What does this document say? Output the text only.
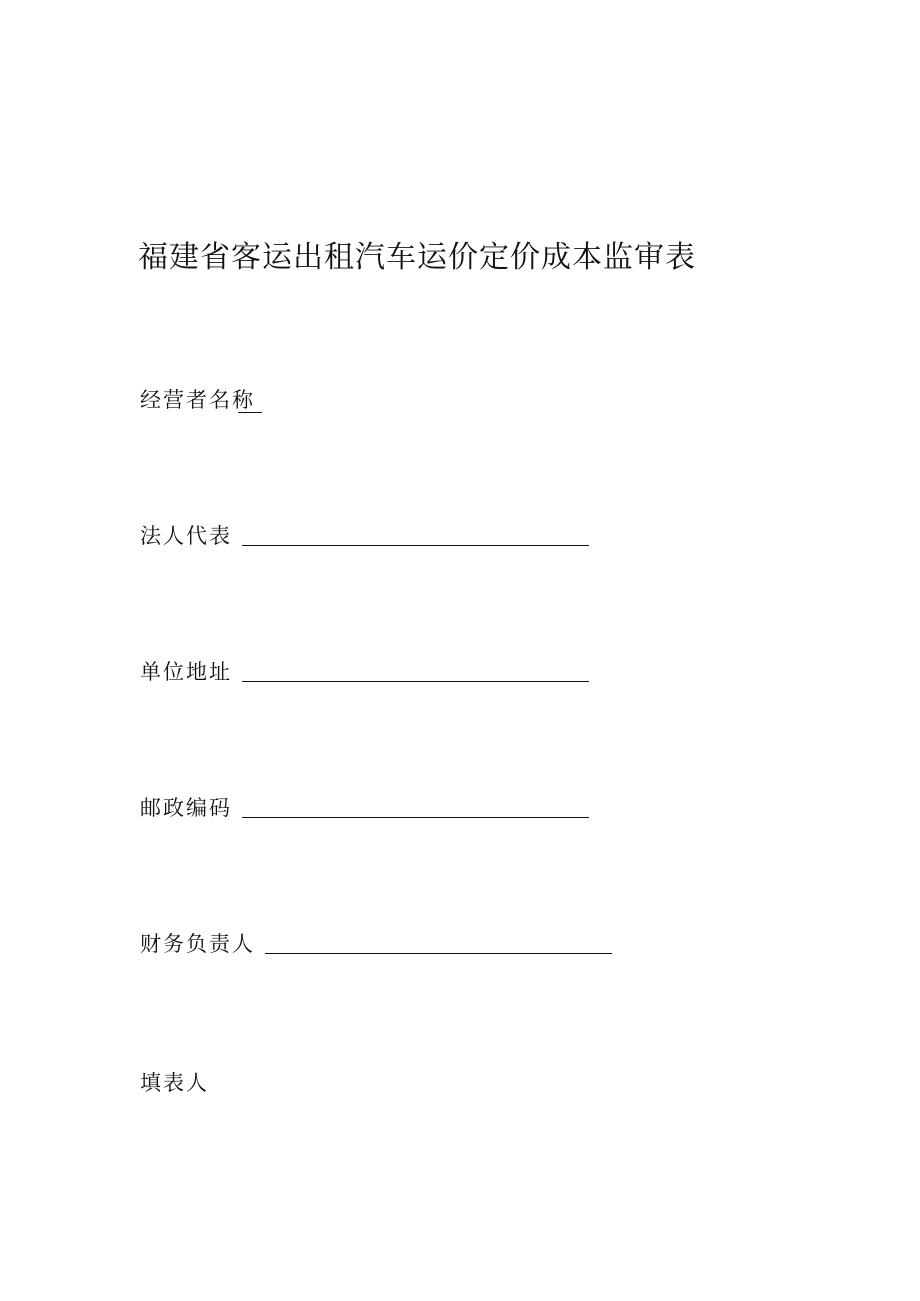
福建省客运出租汽车运价定价成本监审表
经营者名称
法人代表
单位地址
邮政编码
财务负责人
填表人
